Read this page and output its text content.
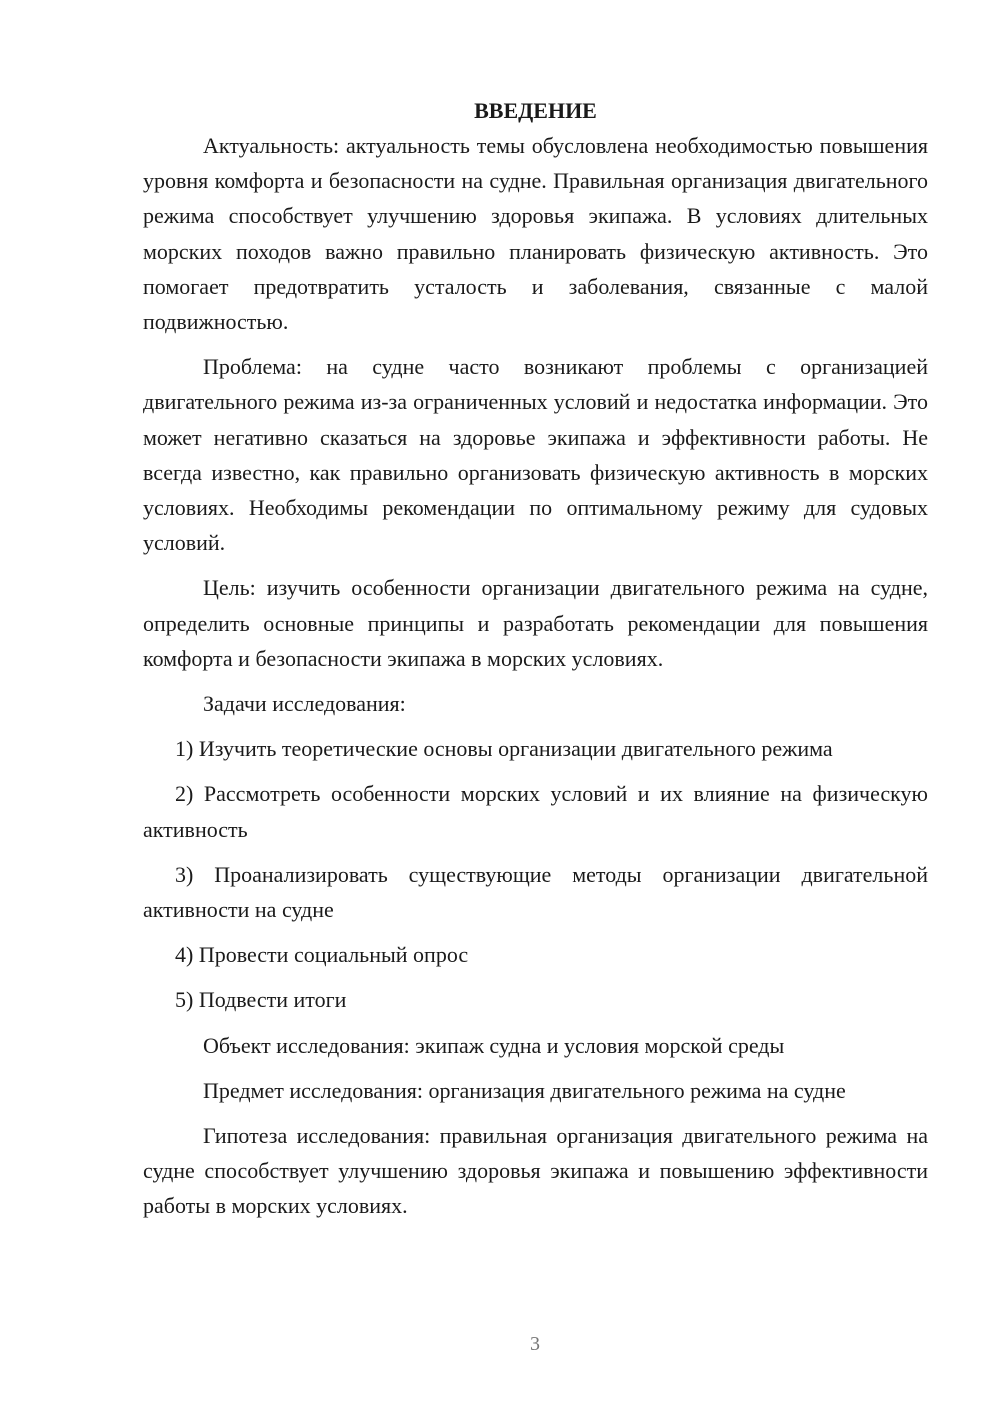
ВВЕДЕНИЕ

Актуальность: актуальность темы обусловлена необходимостью повышения уровня комфорта и безопасности на судне. Правильная организация двигательного режима способствует улучшению здоровья экипажа. В условиях длительных морских походов важно правильно планировать физическую активность. Это помогает предотвратить усталость и заболевания, связанные с малой подвижностью.

Проблема: на судне часто возникают проблемы с организацией двигательного режима из-за ограниченных условий и недостатка информации. Это может негативно сказаться на здоровье экипажа и эффективности работы. Не всегда известно, как правильно организовать физическую активность в морских условиях. Необходимы рекомендации по оптимальному режиму для судовых условий.

Цель: изучить особенности организации двигательного режима на судне, определить основные принципы и разработать рекомендации для повышения комфорта и безопасности экипажа в морских условиях.

Задачи исследования:

1) Изучить теоретические основы организации двигательного режима

2) Рассмотреть особенности морских условий и их влияние на физическую активность

3) Проанализировать существующие методы организации двигательной активности на судне

4) Провести социальный опрос

5) Подвести итоги

Объект исследования: экипаж судна и условия морской среды

Предмет исследования: организация двигательного режима на судне

Гипотеза исследования: правильная организация двигательного режима на судне способствует улучшению здоровья экипажа и повышению эффективности работы в морских условиях.

3
